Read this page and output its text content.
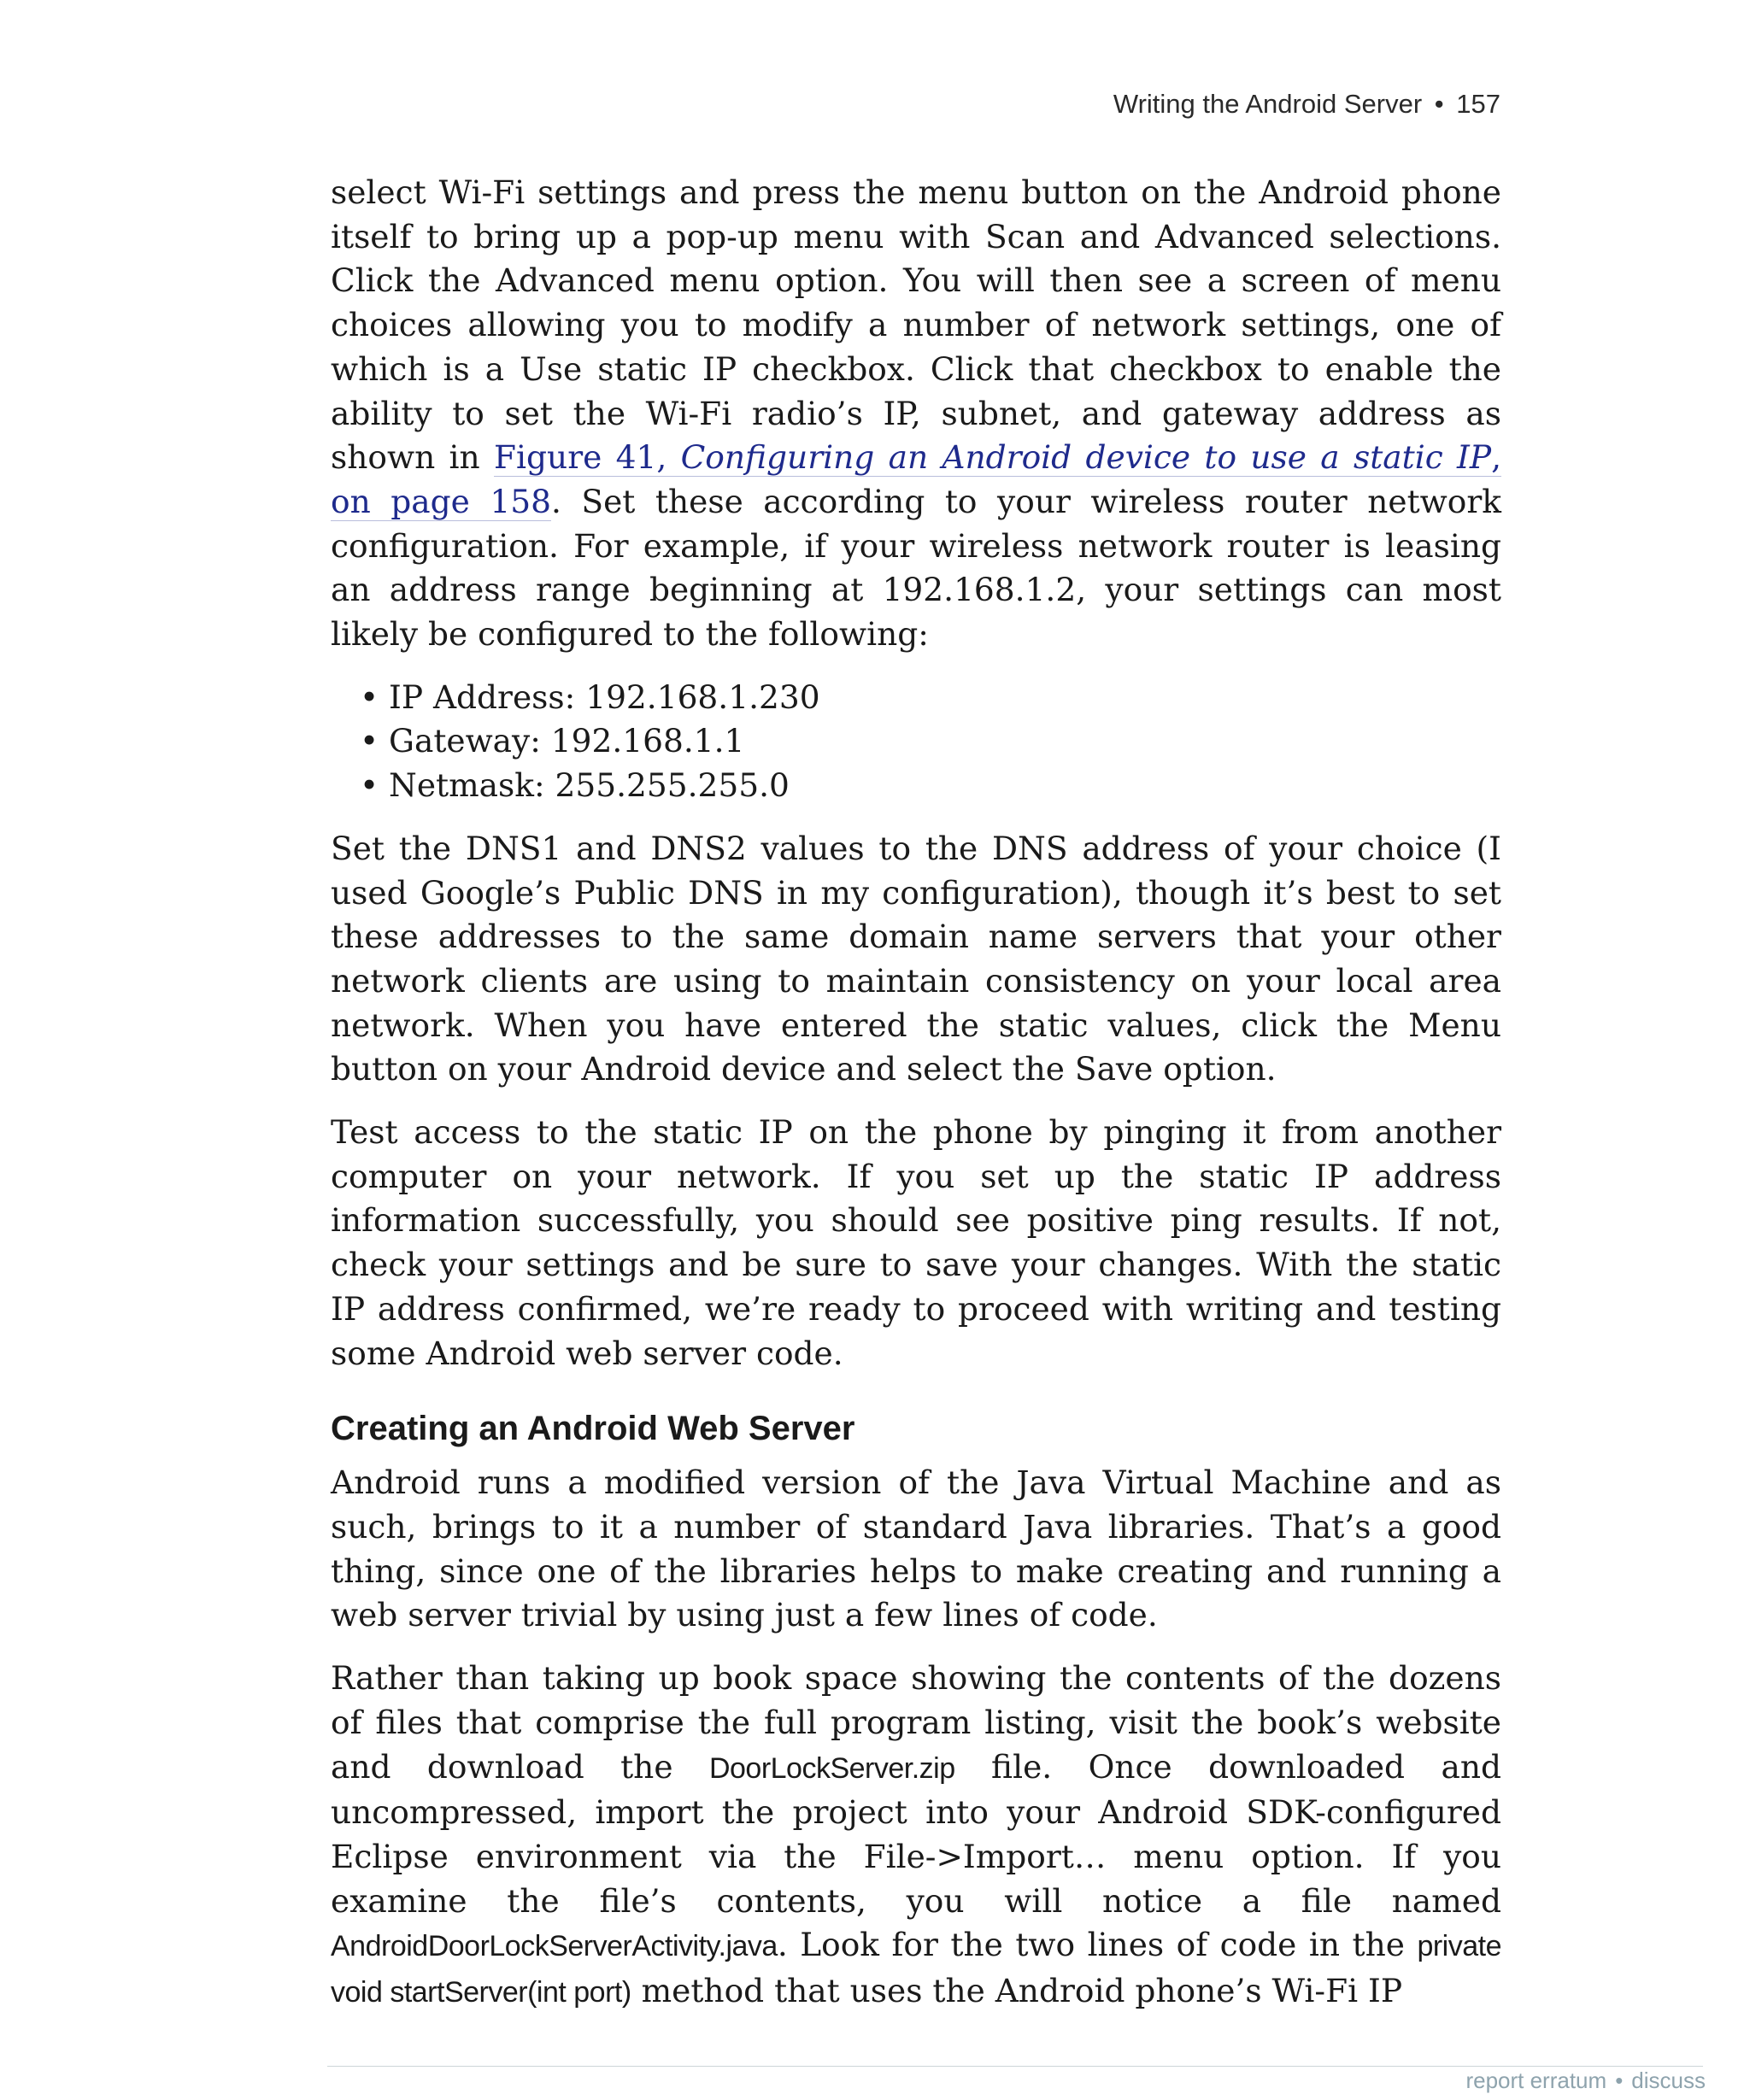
Writing the Android Server • 157

select Wi-Fi settings and press the menu button on the Android phone itself to bring up a pop-up menu with Scan and Advanced selections. Click the Advanced menu option. You will then see a screen of menu choices allowing you to modify a number of network settings, one of which is a Use static IP checkbox. Click that checkbox to enable the ability to set the Wi-Fi radio’s IP, subnet, and gateway address as shown in Figure 41, Configuring an Android device to use a static IP, on page 158. Set these according to your wireless router network configuration. For example, if your wireless network router is leasing an address range beginning at 192.168.1.2, your settings can most likely be configured to the following:

• IP Address: 192.168.1.230
• Gateway: 192.168.1.1
• Netmask: 255.255.255.0

Set the DNS1 and DNS2 values to the DNS address of your choice (I used Google’s Public DNS in my configuration), though it’s best to set these addresses to the same domain name servers that your other network clients are using to maintain consistency on your local area network. When you have entered the static values, click the Menu button on your Android device and select the Save option.

Test access to the static IP on the phone by pinging it from another computer on your network. If you set up the static IP address information successfully, you should see positive ping results. If not, check your settings and be sure to save your changes. With the static IP address confirmed, we’re ready to proceed with writing and testing some Android web server code.

Creating an Android Web Server

Android runs a modified version of the Java Virtual Machine and as such, brings to it a number of standard Java libraries. That’s a good thing, since one of the libraries helps to make creating and running a web server trivial by using just a few lines of code.

Rather than taking up book space showing the contents of the dozens of files that comprise the full program listing, visit the book’s website and download the DoorLockServer.zip file. Once downloaded and uncompressed, import the project into your Android SDK-configured Eclipse environment via the File->Import… menu option. If you examine the file’s contents, you will notice a file named AndroidDoorLockServerActivity.java. Look for the two lines of code in the private void startServer(int port) method that uses the Android phone’s Wi-Fi IP

report erratum • discuss
